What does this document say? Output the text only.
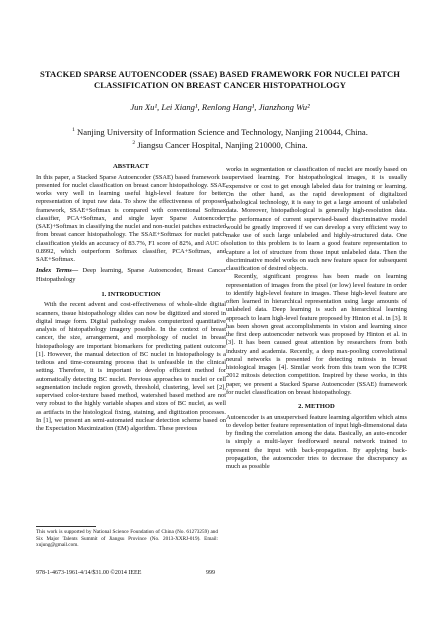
STACKED SPARSE AUTOENCODER (SSAE) BASED FRAMEWORK FOR NUCLEI PATCH CLASSIFICATION ON BREAST CANCER HISTOPATHOLOGY
Jun Xu¹, Lei Xiang¹, Renlong Hang¹, Jianzhong Wu²
$^1$ Nanjing University of Information Science and Technology, Nanjing 210044, China.
$^2$ Jiangsu Cancer Hospital, Nanjing 210000, China.
ABSTRACT

In this paper, a Stacked Sparse Autoencoder (SSAE) based framework is presented for nuclei classification on breast cancer histopathology. SSAE works very well in learning useful high-level feature for better representation of input raw data. To show the effectiveness of proposed framework, SSAE+Softmax is compared with conventional Softmax classifier, PCA+Softmax, and single layer Sparse Autoencoder (SAE)+Softmax in classifying the nuclei and non-nuclei patches extracted from breast cancer histopathology. The SSAE+Softmax for nuclei patch classification yields an accuracy of 83.7%, F1 score of 82%, and AUC of 0.8992, which outperform Softmax classifier, PCA+Softmax, and SAE+Softmax.

Index Terms— Deep learning, Sparse Autoencoder, Breast Cancer Histopathology

1. INTRODUCTION

With the recent advent and cost-effectiveness of whole-slide digital scanners, tissue histopathology slides can now be digitized and stored in digital image form. Digital pathology makes computerized quantitative analysis of histopathology imagery possible. In the context of breast cancer, the size, arrangement, and morphology of nuclei in breast histopathology are important biomarkers for predicting patient outcome [1]. However, the manual detection of BC nuclei in histopathology is a tedious and time-consuming process that is unfeasible in the clinical setting. Therefore, it is important to develop efficient method for automatically detecting BC nuclei. Previous approaches to nuclei or cell segmentation include region growth, threshold, clustering, level set [2], supervised color-texture based method, watershed based method are not very robust to the highly variable shapes and sizes of BC nuclei, as well as artifacts in the histological fixing, staining, and digitization processes. In [1], we present an semi-automated nuclear detection scheme based on the Expectation Maximization (EM) algorithm. These previous

works in segmentation or classification of nuclei are mostly based on supervised learning. For histopathological images, it is usually expensive or cost to get enough labeled data for training or learning. On the other hand, as the rapid development of digitalized pathological technology, it is easy to get a large amount of unlabeled data. Moreover, histopathological is generally high-resolution data. The performance of current supervised-based discriminative model would be greatly improved if we can develop a very efficient way to make use of such large unlabeled and highly-structured data. One solution to this problem is to learn a good feature representation to capture a lot of structure from those input unlabeled data. Then the discriminative model works on such new feature space for subsequent classification of desired objects.

Recently, significant progress has been made on learning representation of images from the pixel (or low) level feature in order to identify high-level feature in images. These high-level feature are often learned in hierarchical representation using large amounts of unlabeled data. Deep learning is such an hierarchical learning approach to learn high-level feature proposed by Hinton et al. in [3]. It has been shown great accomplishments in vision and learning since the first deep autoencoder network was proposed by Hinton et al. in [3]. It has been caused great attention by researchers from both industry and academia. Recently, a deep max-pooling convolutional neural networks is presented for detecting mitosis in breast histological images [4]. Similar work from this team won the ICPR 2012 mitosis detection competition. Inspired by these works, in this paper, we present a Stacked Sparse Autoencoder (SSAE) framework for nuclei classification on breast histopathology.

2. METHOD

Autoencoder is an unsupervised feature learning algorithm which aims to develop better feature representation of input high-dimensional data by finding the correlation among the data. Basically, an auto-encoder is simply a multi-layer feedforward neural network trained to represent the input with back-propagation. By applying back-propagation, the autoencoder tries to decrease the discrepancy as much as possible

This work is supported by National Science Foundation of China (No. 61273259) and Six Major Talents Summit of Jiangsu Province (No. 2013-XXRJ-019). Email: xujung@gmail.com.
978-1-4673-1961-4/14/$31.00 ©2014 IEEE	999
